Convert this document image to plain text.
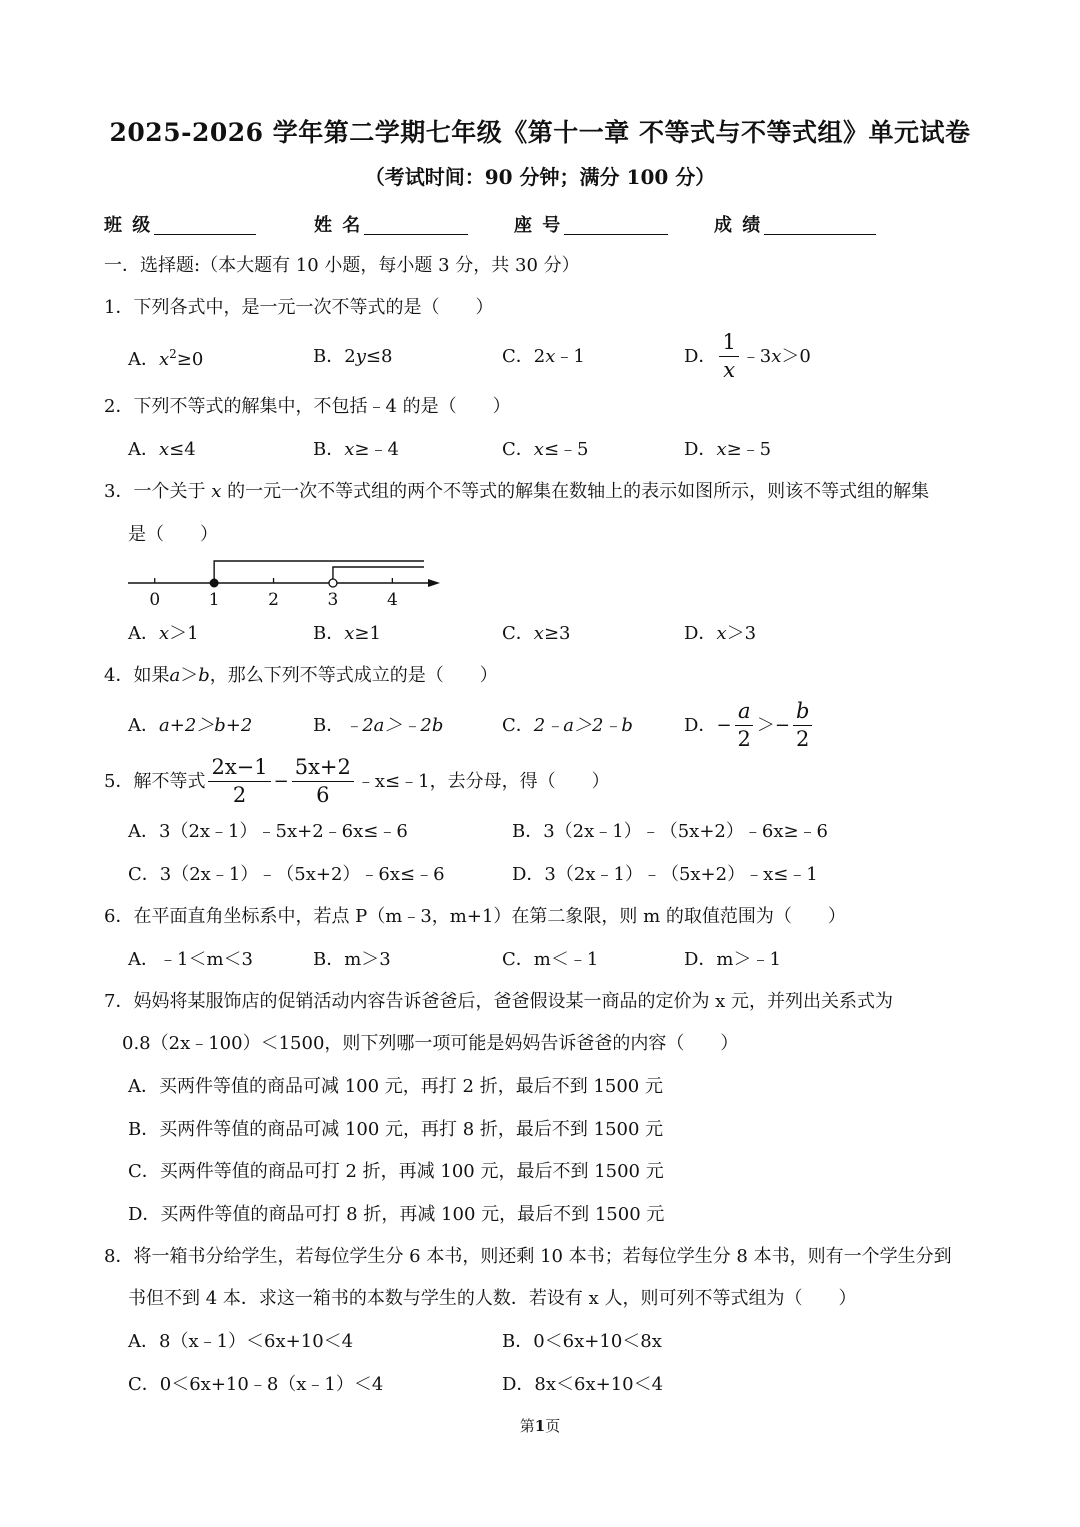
2025-2026 学年第二学期七年级《第十一章 不等式与不等式组》单元试卷
（考试时间：90 分钟；满分 100 分）
班 级	姓 名	座 号	成 绩
一．选择题:（本大题有 10 小题，每小题 3 分，共 30 分）
1．下列各式中，是一元一次不等式的是（　　）
A．$x^2\ge 0$	B．2y≤8	C．2x﹣1	D． $\frac{1}{x}$ ﹣3 x ＞0
2．下列不等式的解集中，不包括﹣4 的是（　　）
A．x≤4	B．x≥﹣4	C．x≤﹣5	D．x≥﹣5
3．一个关于 x 的一元一次不等式组的两个不等式的解集在数轴上的表示如图所示，则该不等式组的解集
是（　　）
0	1	2	3	4
A．x＞1	B．x≥1	C．x≥3	D．x＞3
4．如果a＞b，那么下列不等式成立的是（　　）
A．a+2＞b+2	B．﹣2a＞﹣2b	C．2﹣a＞2﹣b	D． − $\frac{a}{2} >- \frac{b}{2}$
5．解不等式 $\frac{2x-1}{2} - \frac{5x+2}{6}$ ﹣x≤﹣1，去分母，得（　　）
A．3（2x﹣1）﹣5x+2﹣6x≤﹣6	B．3（2x﹣1）﹣（5x+2）﹣6x≥﹣6
C．3（2x﹣1）﹣（5x+2）﹣6x≤﹣6	D．3（2x﹣1）﹣（5x+2）﹣x≤﹣1
6．在平面直角坐标系中，若点 P（m﹣3，m+1）在第二象限，则 m 的取值范围为（　　）
A．﹣1＜m＜3	B．m＞3	C．m＜﹣1	D．m＞﹣1
7．妈妈将某服饰店的促销活动内容告诉爸爸后，爸爸假设某一商品的定价为 x 元，并列出关系式为
0.8（2x﹣100）＜1500，则下列哪一项可能是妈妈告诉爸爸的内容（　　）
A．买两件等值的商品可减 100 元，再打 2 折，最后不到 1500 元
B．买两件等值的商品可减 100 元，再打 8 折，最后不到 1500 元
C．买两件等值的商品可打 2 折，再减 100 元，最后不到 1500 元
D．买两件等值的商品可打 8 折，再减 100 元，最后不到 1500 元
8．将一箱书分给学生，若每位学生分 6 本书，则还剩 10 本书；若每位学生分 8 本书，则有一个学生分到
书但不到 4 本．求这一箱书的本数与学生的人数．若设有 x 人，则可列不等式组为（　　）
A．8（x﹣1）＜6x+10＜4	B．0＜6x+10＜8x
C．0＜6x+10﹣8（x﹣1）＜4	D．8x＜6x+10＜4
第1页
